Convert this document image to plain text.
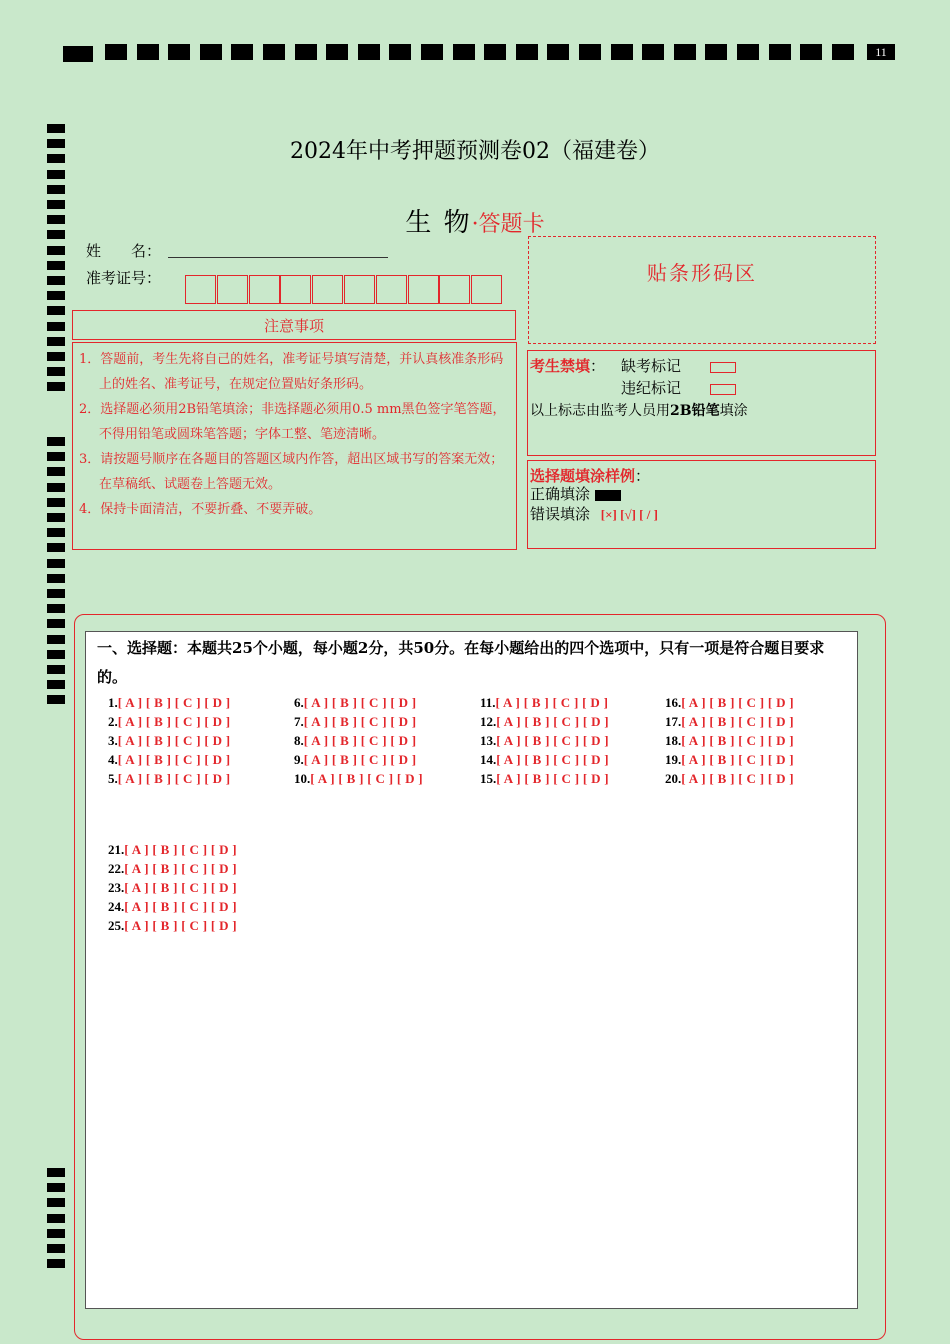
11
2024年中考押题预测卷02（福建卷）
生 物·答题卡
姓　　名：
准考证号：
注意事项

1．答题前，考生先将自己的姓名，准考证号填写清楚，并认真核准条形码上的姓名、准考证号，在规定位置贴好条形码。

2．选择题必须用2B铅笔填涂；非选择题必须用0.5 mm黑色签字笔答题，不得用铅笔或圆珠笔答题；字体工整、笔迹清晰。

3．请按题号顺序在各题目的答题区域内作答，超出区域书写的答案无效；在草稿纸、试题卷上答题无效。

4．保持卡面清洁，不要折叠、不要弄破。

贴条形码区
考生禁填： 缺考标记
违纪标记
以上标志由监考人员用2B铅笔填涂
选择题填涂样例：
正确填涂
错误填涂 [×] [√] [ / ]
一、选择题：本题共25个小题，每小题2分，共50分。在每小题给出的四个选项中，只有一项是符合题目要求的。
1.[ A ] [ B ] [ C ] [ D ]
2.[ A ] [ B ] [ C ] [ D ]
3.[ A ] [ B ] [ C ] [ D ]
4.[ A ] [ B ] [ C ] [ D ]
5.[ A ] [ B ] [ C ] [ D ]
6.[ A ] [ B ] [ C ] [ D ]
7.[ A ] [ B ] [ C ] [ D ]
8.[ A ] [ B ] [ C ] [ D ]
9.[ A ] [ B ] [ C ] [ D ]
10.[ A ] [ B ] [ C ] [ D ]
11.[ A ] [ B ] [ C ] [ D ]
12.[ A ] [ B ] [ C ] [ D ]
13.[ A ] [ B ] [ C ] [ D ]
14.[ A ] [ B ] [ C ] [ D ]
15.[ A ] [ B ] [ C ] [ D ]
16.[ A ] [ B ] [ C ] [ D ]
17.[ A ] [ B ] [ C ] [ D ]
18.[ A ] [ B ] [ C ] [ D ]
19.[ A ] [ B ] [ C ] [ D ]
20.[ A ] [ B ] [ C ] [ D ]
21.[ A ] [ B ] [ C ] [ D ]
22.[ A ] [ B ] [ C ] [ D ]
23.[ A ] [ B ] [ C ] [ D ]
24.[ A ] [ B ] [ C ] [ D ]
25.[ A ] [ B ] [ C ] [ D ]
